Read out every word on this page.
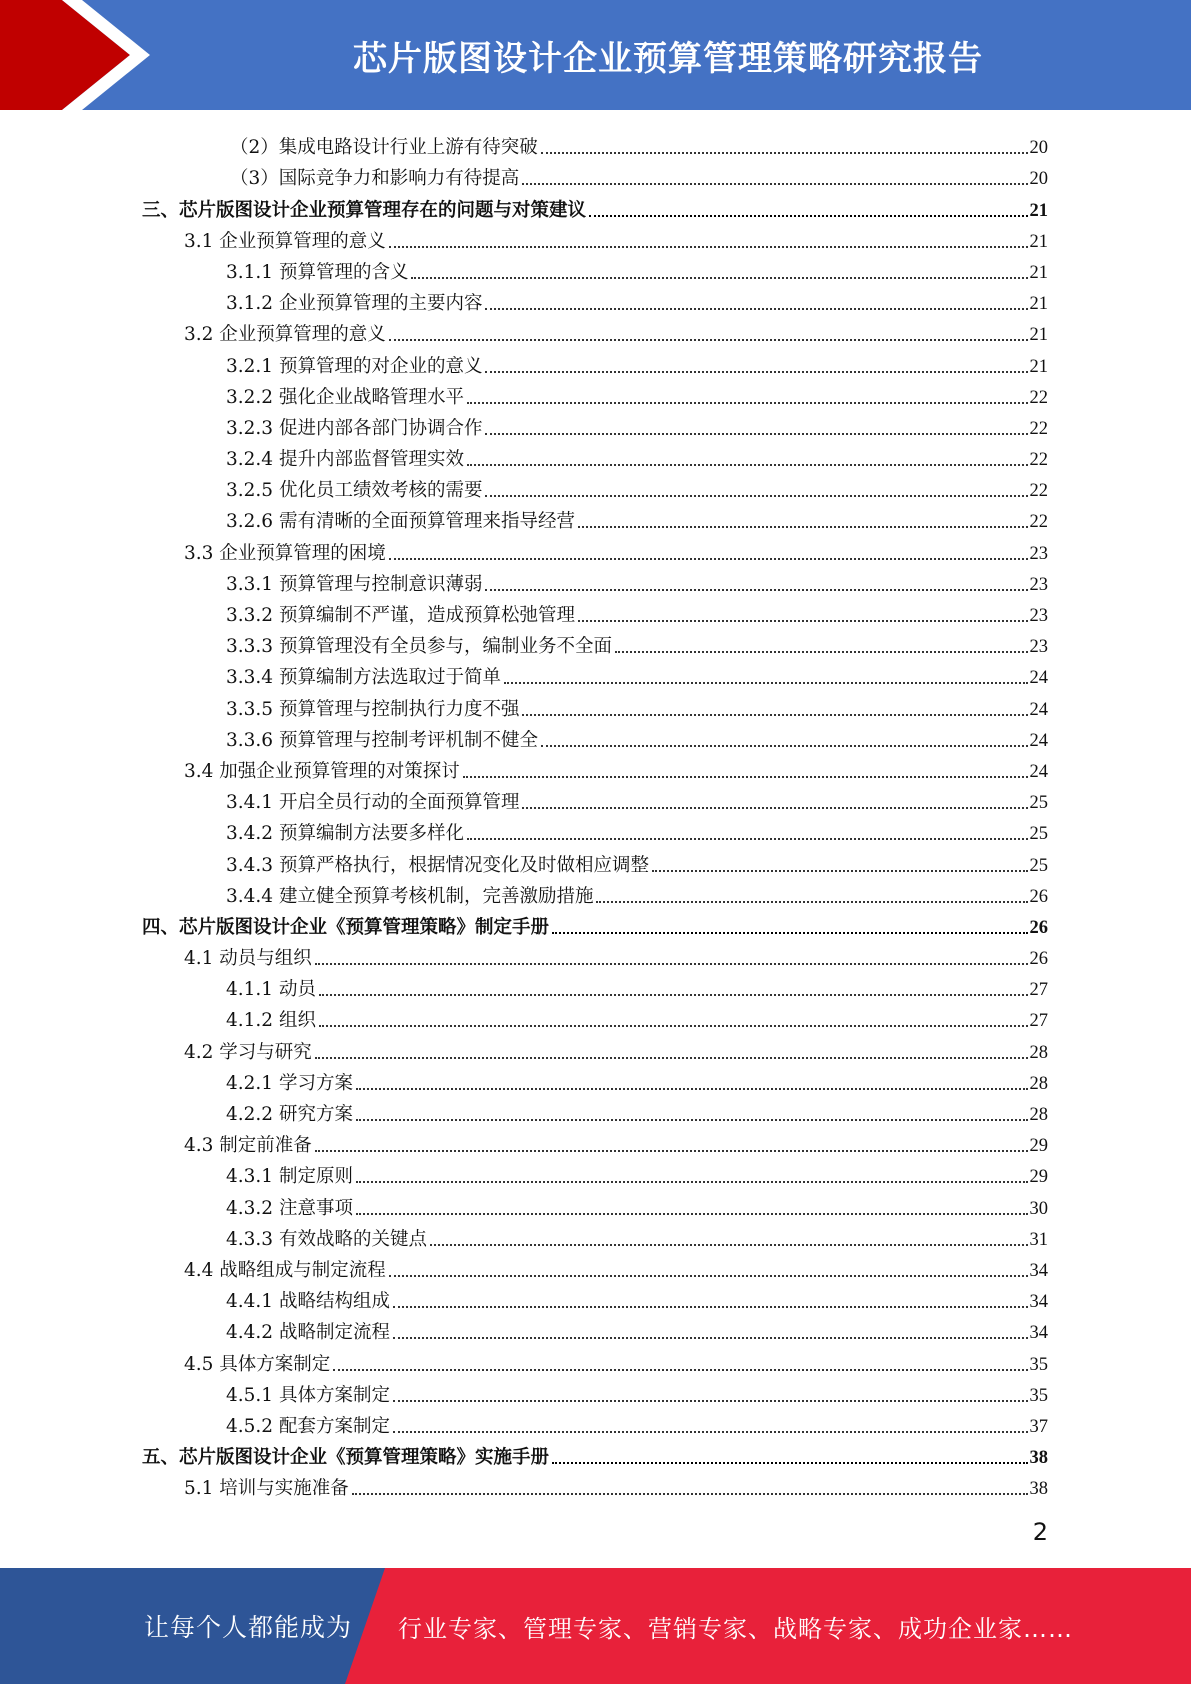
芯片版图设计企业预算管理策略研究报告
（2）集成电路设计行业上游有待突破	20
（3）国际竞争力和影响力有待提高	20
三、芯片版图设计企业预算管理存在的问题与对策建议	21
3.1 企业预算管理的意义	21
3.1.1 预算管理的含义	21
3.1.2 企业预算管理的主要内容	21
3.2 企业预算管理的意义	21
3.2.1 预算管理的对企业的意义	21
3.2.2 强化企业战略管理水平	22
3.2.3 促进内部各部门协调合作	22
3.2.4 提升内部监督管理实效	22
3.2.5 优化员工绩效考核的需要	22
3.2.6 需有清晰的全面预算管理来指导经营	22
3.3 企业预算管理的困境	23
3.3.1 预算管理与控制意识薄弱	23
3.3.2 预算编制不严谨，造成预算松弛管理	23
3.3.3 预算管理没有全员参与，编制业务不全面	23
3.3.4 预算编制方法选取过于简单	24
3.3.5 预算管理与控制执行力度不强	24
3.3.6 预算管理与控制考评机制不健全	24
3.4 加强企业预算管理的对策探讨	24
3.4.1 开启全员行动的全面预算管理	25
3.4.2 预算编制方法要多样化	25
3.4.3 预算严格执行，根据情况变化及时做相应调整	25
3.4.4 建立健全预算考核机制，完善激励措施	26
四、芯片版图设计企业《预算管理策略》制定手册	26
4.1 动员与组织	26
4.1.1 动员	27
4.1.2 组织	27
4.2 学习与研究	28
4.2.1 学习方案	28
4.2.2 研究方案	28
4.3 制定前准备	29
4.3.1 制定原则	29
4.3.2 注意事项	30
4.3.3 有效战略的关键点	31
4.4 战略组成与制定流程	34
4.4.1 战略结构组成	34
4.4.2 战略制定流程	34
4.5 具体方案制定	35
4.5.1 具体方案制定	35
4.5.2 配套方案制定	37
五、芯片版图设计企业《预算管理策略》实施手册	38
5.1 培训与实施准备	38
2
让每个人都能成为 行业专家、管理专家、营销专家、战略专家、成功企业家……
